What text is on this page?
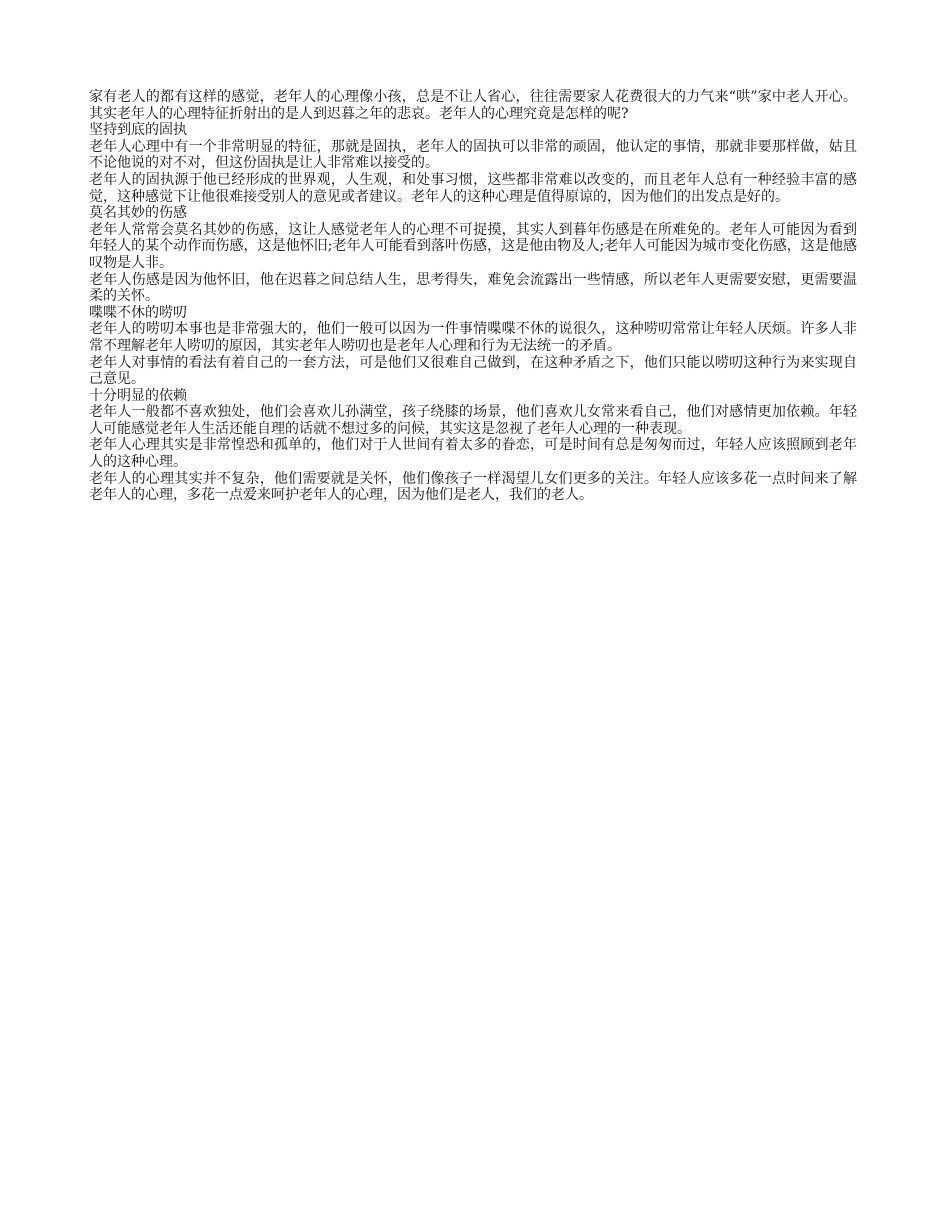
家有老人的都有这样的感觉，老年人的心理像小孩，总是不让人省心，往往需要家人花费很大的力气来“哄”家中老人开心。其实老年人的心理特征折射出的是人到迟暮之年的悲哀。老年人的心理究竟是怎样的呢?

坚持到底的固执

老年人心理中有一个非常明显的特征，那就是固执，老年人的固执可以非常的顽固，他认定的事情，那就非要那样做，姑且不论他说的对不对，但这份固执是让人非常难以接受的。

老年人的固执源于他已经形成的世界观，人生观，和处事习惯，这些都非常难以改变的，而且老年人总有一种经验丰富的感觉，这种感觉下让他很难接受别人的意见或者建议。老年人的这种心理是值得原谅的，因为他们的出发点是好的。

莫名其妙的伤感

老年人常常会莫名其妙的伤感，这让人感觉老年人的心理不可捉摸，其实人到暮年伤感是在所难免的。老年人可能因为看到年轻人的某个动作而伤感，这是他怀旧;老年人可能看到落叶伤感，这是他由物及人;老年人可能因为城市变化伤感，这是他感叹物是人非。

老年人伤感是因为他怀旧，他在迟暮之间总结人生，思考得失，难免会流露出一些情感，所以老年人更需要安慰，更需要温柔的关怀。

喋喋不休的唠叨

老年人的唠叨本事也是非常强大的，他们一般可以因为一件事情喋喋不休的说很久，这种唠叨常常让年轻人厌烦。许多人非常不理解老年人唠叨的原因，其实老年人唠叨也是老年人心理和行为无法统一的矛盾。

老年人对事情的看法有着自己的一套方法，可是他们又很难自己做到，在这种矛盾之下，他们只能以唠叨这种行为来实现自己意见。

十分明显的依赖

老年人一般都不喜欢独处，他们会喜欢儿孙满堂，孩子绕膝的场景，他们喜欢儿女常来看自己，他们对感情更加依赖。年轻人可能感觉老年人生活还能自理的话就不想过多的问候，其实这是忽视了老年人心理的一种表现。

老年人心理其实是非常惶恐和孤单的，他们对于人世间有着太多的眷恋，可是时间有总是匆匆而过，年轻人应该照顾到老年人的这种心理。

老年人的心理其实并不复杂，他们需要就是关怀，他们像孩子一样渴望儿女们更多的关注。年轻人应该多花一点时间来了解老年人的心理，多花一点爱来呵护老年人的心理，因为他们是老人，我们的老人。
